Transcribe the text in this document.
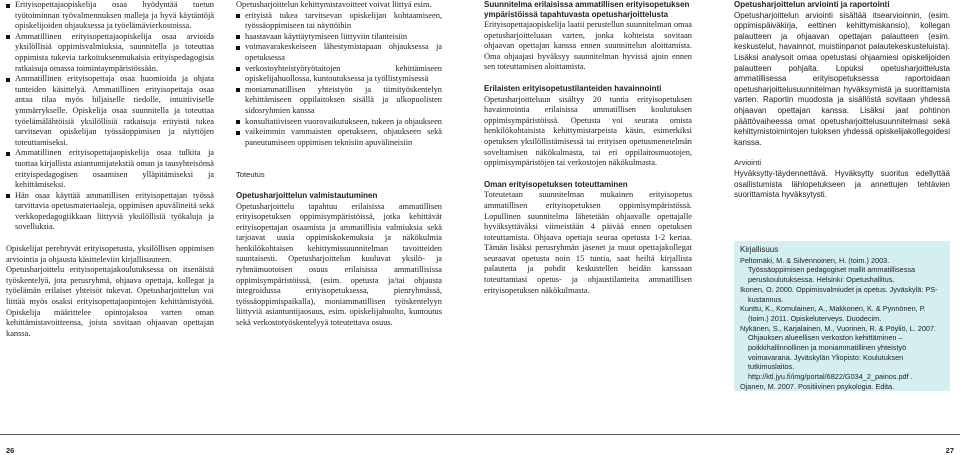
Erityisopettajaopiskelija osaa hyödyntää tuetun työtoiminnan työvalmennuksen malleja ja hyvä käytäntöjä opiskelijoiden ohjauksessa ja työelämävierkostoissa.
Ammatillinen erityisopettajaopiskelija osaa arvioida yksilöllisiä oppimisvalmiuksia, suunnitella ja toteuttaa oppimista tukevia tarkoituksenmukaisia erityispedagogisia ratkaisuja omassa toimintaympäristössään.
Ammatillinen erityisopettaja osaa huomioida ja ohjata tunteiden käsittelyä. Ammatillinen erityisopettaja osaa antaa tilaa myös hiljaiselle tiedolle, intuitiiviselle ymmärrykselle. Opiskelija osaa suunnitella ja toteuttaa työelämälähtöisiä yksilöllisiä ratkaisuja erityistä tukea tarvitsevan opiskelijan työssäoppimisen ja näyttöjen toteuttamiseksi.
Ammatillinen erityisopettajaopiskelija osaa tulkita ja tuottaa kirjallista asiantuntijatekstiä oman ja tausyhteisönsä erityispedagogisen osaamisen ylläpitämiseksi ja kehittämiseksi.
Hän osaa käyttää ammatillisen erityisopettajan työssä tarvittavia opetusmateriaaleja, oppimisen apuvälineitä sekä verkkopedagogiikkaan liittyviä yksilöllisiä työkaluja ja sovelluksia.

Opiskelijat perehtyvät erityisopetusta, yksilöllisen oppimisen arviointia ja ohjausta käsitteleviin kirjallisuuteen.

Opetusharjoittelu erityisopettajakoulutuksessa on itsenäistä työskentelyä, jota perusryhmä, ohjaava opettaja, kollegat ja työelämän erilaiset yhteisöt tukevat. Opetusharjoittelun voi liittää myös osaksi erityisopettajaopintojen kehittämistyötä. Opiskelija määrittelee opintojaksoa varten oman kehittämistavoitteensa, joista sovitaan ohjaavan opettajan kanssa.

Opetusharjoittelun kehittymistavoitteet voivat liittyä esim.

erityistä tukea tarvitsevan opiskelijan kohtaamiseen, työssäoppimiseen tai näyttöihin
haastavaan käyttäytymiseen liittyviin tilanteisiin
voimavarakeskeiseen lähestymistapaan ohjauksessa ja opetuksessa
verkostoyhteistyötyötaitojen kehittämiseen opiskelijahuollossa, kuntoutuksessa ja työllistymisessä
moniammatillisen yhteistyön ja tiimityöskentelyn kehittämiseen oppilaitoksen sisällä ja ulkopuolisten sidosryhmien kanssa
konsultatiiviseen vuorovaikutukseen, tukeen ja ohjaukseen
vaikeimmin vammaisten opetukseen, ohjaukseen sekä paneutumiseen oppimisen teknisiin apuvälineisiin
Toteutus
Opetusharjoittelun valmistautuminen

Opetusharjoittelu tapahtuu erilaisissa ammatillisen erityisopetuksen oppimisympäristöissä, jotka kehittävät erityisopettajan osaamista ja ammatillisia valmiuksia sekä tarjoavat uusia oppimiskokemuksia ja näkökulmia henkilökohtaisen kehittymissuunnitelman tavoitteiden suuntaisesti. Opetusharjoittelun kuuluvat yksilö- ja ryhmämuotoisen osuus erilaisissa ammatillisissa oppimisympäristöissä, (esim. opetusta ja/tai ohjausta integroidussa erityisopetuksessa, pienryhmässä, työssäoppimispaikalla), moniammatillisen työskentelyyn liittyviä asiantuntijaosuus, esim. opiskelijahuolto, kuntoutus sekä verkostotyöskentelyyä toteutettava osuus.

Suunnitelma erilaisissa ammatillisen erityisopetuksen ympäristöissä tapahtuvasta opetusharjoittelusta

Erityisopettajaopiskelija laatii perustellun suunnitelman omaa opetusharjoitteluaan varten, jonka kohteista sovitaan ohjaavan opettajan kanssa ennen suunnittelun aloittamista. Oma ohjaajasi hyväksyy suunnitelman hyvissä ajoin ennen sen toteuttamisen aloittamista.

Erilaisten erityisopetustilanteiden havainnointi

Opetusharjoitteluun sisältyy 20 tuntia erityisopetuksen havainnointia erilaisissa ammatillisen koulutuksen oppimisympäristöissä. Opetusta voi seurata omista henkilökohtaisista kehittymistarpeista käsin, esimerkiksi opetuksen yksilöllistämisessä tai erityisen opetusmenetelmän soveltamisen näkökulmasta, tai eri oppilaitosmuotojen, oppimisympäristöjen tai verkostojen näkökulmasta.

Oman erityisopetuksen toteuttaminen

Toteutetaan suunnitelman mukainen erityisopetus ammatillisen erityisopetuksen oppimisympäristössä. Lopullinen suunnitelma lähetetään ohjaavalle opettajalle hyväksyttäväksi viimeistään 4 päivää ennen opetuksen toteuttamista. Ohjaava opettaja seuraa opetusta 1-2 kertaa. Tämän lisäksi perusryhmän jäsenet ja muut opettajakollegat seuraavat opetusta noin 15 tuntia, saat heiltä kirjallista palautetta ja pohdit keskustellen heidän kanssaan toteuttamiasi opetus- ja ohjaustilanteita ammatillisen erityisopetuksen näkökulmasta.

Opetusharjoittelun arviointi ja raportointi

Opetusharjoittelun arviointi sisältää itsearvioinnin, (esim. oppimispäiväkirja, eettinen kehittymiskansio), kollegan palautteen ja ohjaavan opettajan palautteen (esim. keskustelut, havainnot, muistiinpanot palautekeskusteluista). Lisäksi analysoit omaa opetustasi ohjaamiesi opiskelijoiden palautteen pohjalta. Lopuksi opetusharjoittelusta ammatillisessa erityisopetuksessa raportoidaan opetusharjoittelusuunnitelman hyväksymistä ja suorittamista varten. Raportin muodosta ja sisällöstä sovitaan yhdessä ohjaavan opettajan kanssa. Lisäksi jaat pohtinon päättövaiheessa omat opetusharjoittelusuunnitelmasi sekä kehittymistoimintojen tuloksen yhdessä opiskelijakollegoidesi kanssa.

Arviointi

Hyväksytty-täydennettävä. Hyväksytty suoritus edellyttää osallistumista lähiopetukseen ja annettujen tehtävien suorittamista hyväksytysti.

Kirjallisuus
Peltomäki, M. & Silvennoinen, H. (toim.) 2003. Työssäoppimisen pedagogiset mallit ammatillisessa peruskoulutuksessa. Helsinki: Opetushallitus.
Ikonen, O. 2000. Oppimisvalmiudet ja opetus. Jyväskylä: PS-kustannus.
Kunttu, K., Komulainen, A., Makkonen, K. & Pynnönen, P. (toim.) 2011. Opiskeluterveys. Duodecim.
Nykänen, S., Karjalainen, M., Vuorinen, R. & Pöyliö, L. 2007. Ohjauksen alueellisen verkoston kehittäminen – poikkihallinnollinen ja moniammatillinen yhteistyö voimavarana. Jyväskylän Yliopisto: Koulutuksen tutkimuslaitos. http://ktl.jyu.fi/img/portal/6822/G034_2_painos.pdf .
Ojanen, M. 2007. Positiivinen psykologia. Edita.
26	27
